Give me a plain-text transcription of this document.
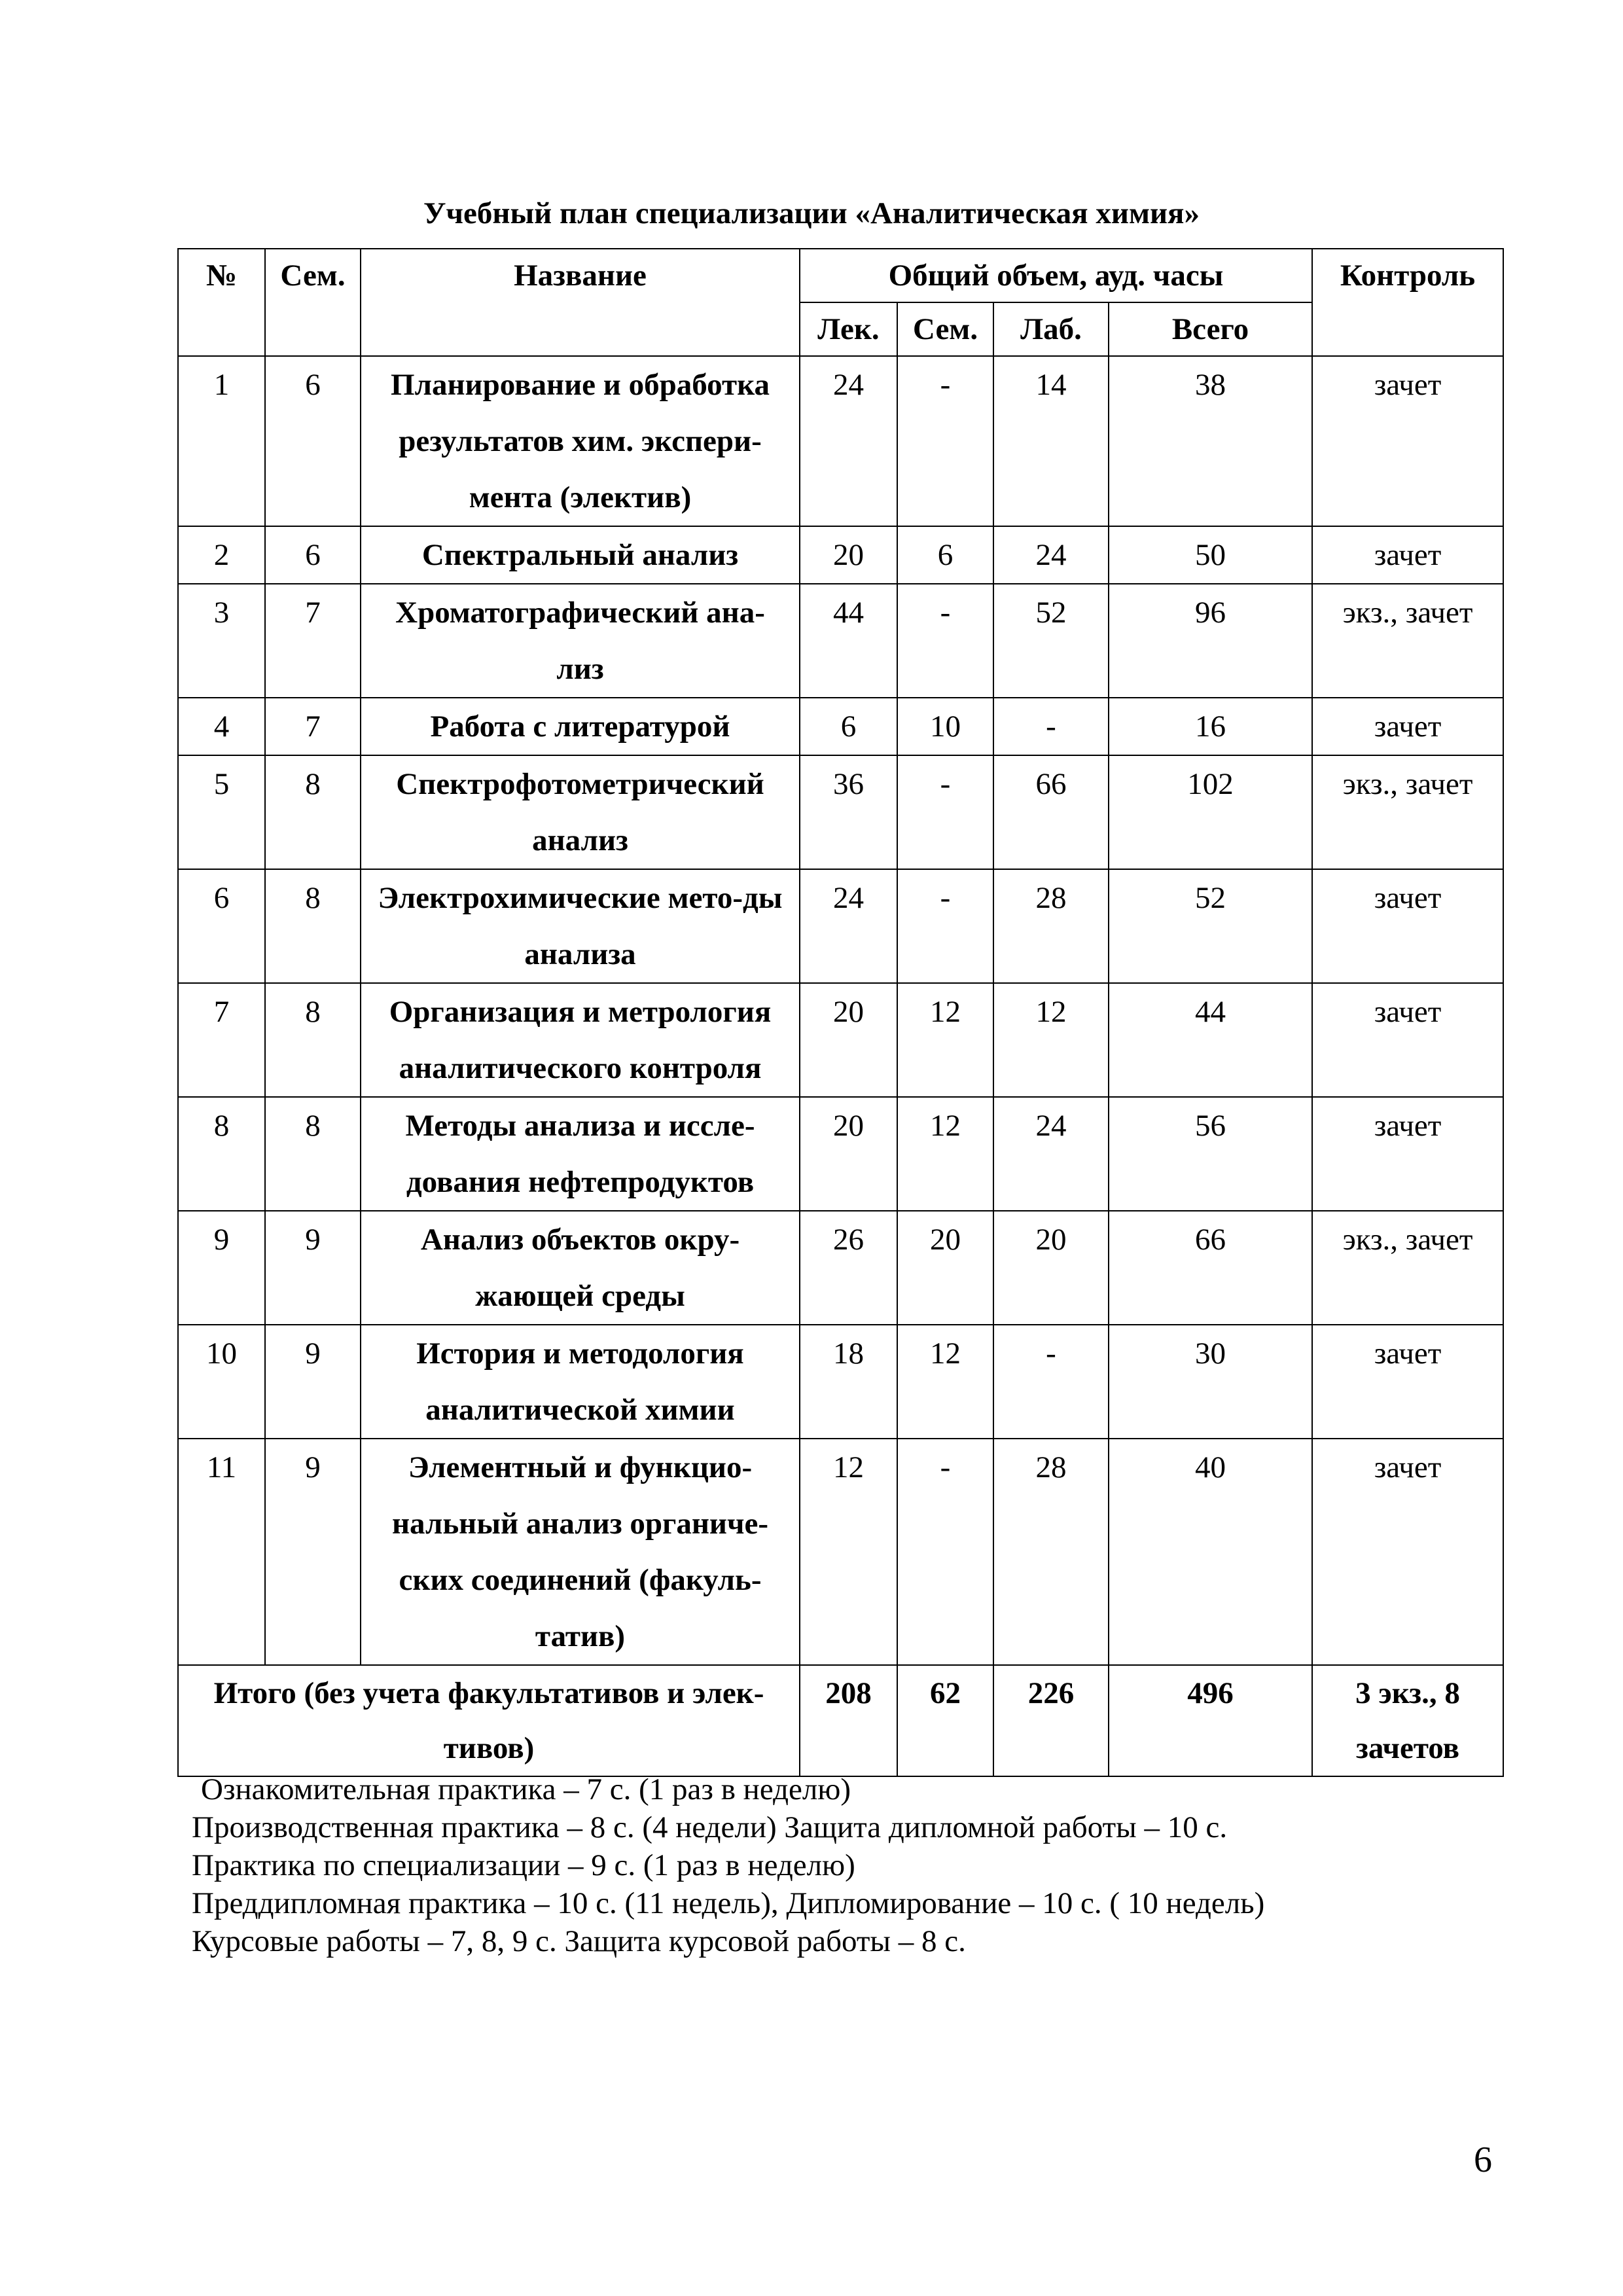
Учебный план специализации «Аналитическая химия»
№	Сем.	Название	Общий объем, ауд. часы				Контроль
			Лек.	Сем.	Лаб.	Всего	
1	6	Планирование и обработка результатов хим. экспери-мента (электив)	24	-	14	38	зачет
2	6	Спектральный анализ	20	6	24	50	зачет
3	7	Хроматографический ана-лиз	44	-	52	96	экз., зачет
4	7	Работа с литературой	6	10	-	16	зачет
5	8	Спектрофотометрический анализ	36	-	66	102	экз., зачет
6	8	Электрохимические мето-ды анализа	24	-	28	52	зачет
7	8	Организация и метрология аналитического контроля	20	12	12	44	зачет
8	8	Методы анализа и иссле-дования нефтепродуктов	20	12	24	56	зачет
9	9	Анализ объектов окру-жающей среды	26	20	20	66	экз., зачет
10	9	История и методология аналитической химии	18	12	-	30	зачет
11	9	Элементный и функцио-нальный анализ органиче-ских соединений (факуль-татив)	12	-	28	40	зачет
Итого (без учета факультативов и элек-тивов)			208	62	226	496	3 экз., 8 зачетов
Ознакомительная практика – 7 с. (1 раз в неделю)
Производственная практика – 8 с. (4 недели) Защита дипломной работы – 10 с.
Практика по специализации – 9 с. (1 раз в неделю)
Преддипломная практика – 10 с. (11 недель), Дипломирование – 10 с. ( 10 недель)
Курсовые работы – 7, 8, 9 с. Защита курсовой работы – 8 с.
6
